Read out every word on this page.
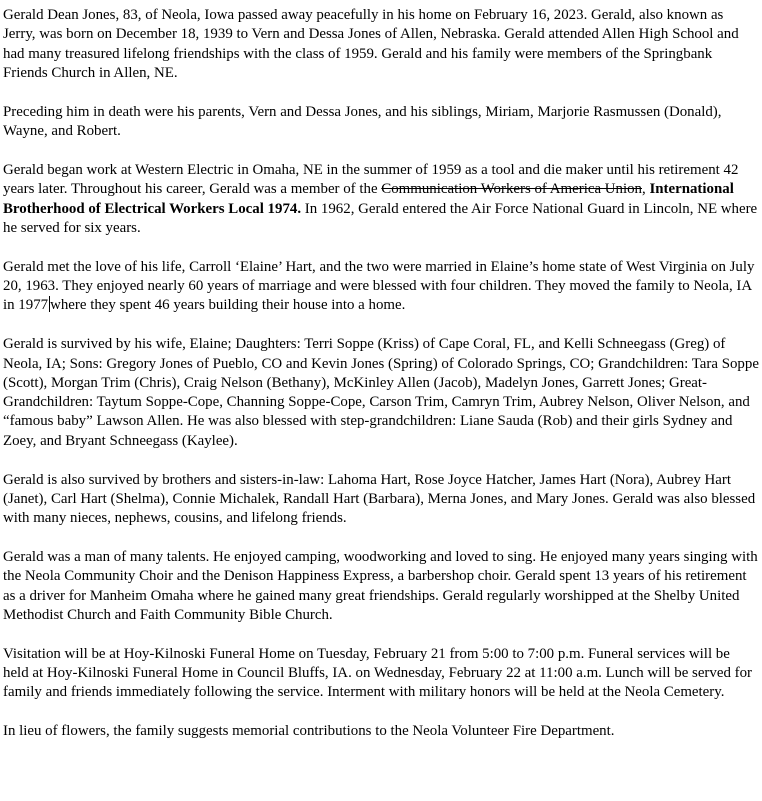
Gerald Dean Jones, 83, of Neola, Iowa passed away peacefully in his home on February 16, 2023. Gerald, also known as Jerry, was born on December 18, 1939 to Vern and Dessa Jones of Allen, Nebraska. Gerald attended Allen High School and had many treasured lifelong friendships with the class of 1959. Gerald and his family were members of the Springbank Friends Church in Allen, NE.

Preceding him in death were his parents, Vern and Dessa Jones, and his siblings, Miriam, Marjorie Rasmussen (Donald), Wayne, and Robert.

Gerald began work at Western Electric in Omaha, NE in the summer of 1959 as a tool and die maker until his retirement 42 years later. Throughout his career, Gerald was a member of the Communication Workers of America Union, International Brotherhood of Electrical Workers Local 1974. In 1962, Gerald entered the Air Force National Guard in Lincoln, NE where he served for six years.

Gerald met the love of his life, Carroll ‘Elaine’ Hart, and the two were married in Elaine’s home state of West Virginia on July 20, 1963. They enjoyed nearly 60 years of marriage and were blessed with four children. They moved the family to Neola, IA in 1977 where they spent 46 years building their house into a home.

Gerald is survived by his wife, Elaine; Daughters: Terri Soppe (Kriss) of Cape Coral, FL, and Kelli Schneegass (Greg) of Neola, IA; Sons: Gregory Jones of Pueblo, CO and Kevin Jones (Spring) of Colorado Springs, CO; Grandchildren: Tara Soppe (Scott), Morgan Trim (Chris), Craig Nelson (Bethany), McKinley Allen (Jacob), Madelyn Jones, Garrett Jones; Great-Grandchildren: Taytum Soppe-Cope, Channing Soppe-Cope, Carson Trim, Camryn Trim, Aubrey Nelson, Oliver Nelson, and “famous baby” Lawson Allen. He was also blessed with step-grandchildren: Liane Sauda (Rob) and their girls Sydney and Zoey, and Bryant Schneegass (Kaylee).

Gerald is also survived by brothers and sisters-in-law: Lahoma Hart, Rose Joyce Hatcher, James Hart (Nora), Aubrey Hart (Janet), Carl Hart (Shelma), Connie Michalek, Randall Hart (Barbara), Merna Jones, and Mary Jones. Gerald was also blessed with many nieces, nephews, cousins, and lifelong friends.

Gerald was a man of many talents. He enjoyed camping, woodworking and loved to sing. He enjoyed many years singing with the Neola Community Choir and the Denison Happiness Express, a barbershop choir. Gerald spent 13 years of his retirement as a driver for Manheim Omaha where he gained many great friendships. Gerald regularly worshipped at the Shelby United Methodist Church and Faith Community Bible Church.

Visitation will be at Hoy-Kilnoski Funeral Home on Tuesday, February 21 from 5:00 to 7:00 p.m. Funeral services will be held at Hoy-Kilnoski Funeral Home in Council Bluffs, IA. on Wednesday, February 22 at 11:00 a.m. Lunch will be served for family and friends immediately following the service. Interment with military honors will be held at the Neola Cemetery.

In lieu of flowers, the family suggests memorial contributions to the Neola Volunteer Fire Department.
